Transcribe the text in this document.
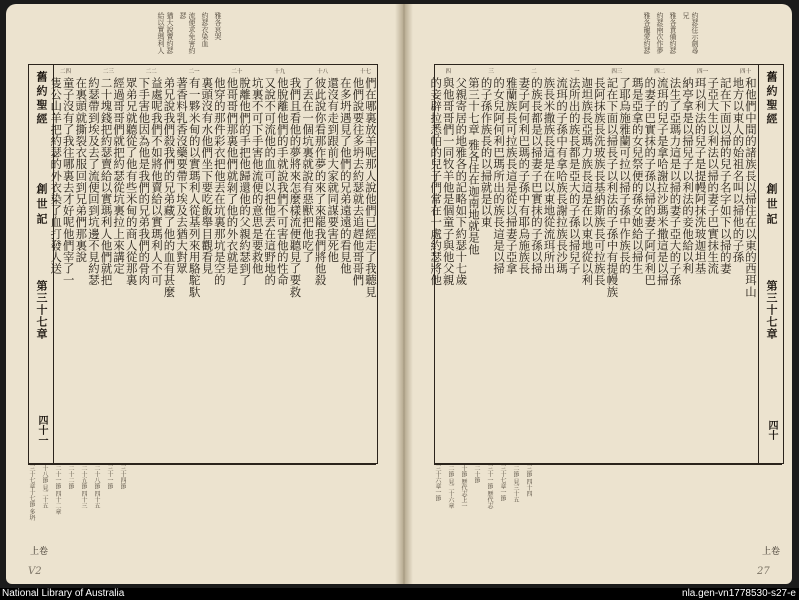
猶大說賣約瑟給以實瑪利人	流便求免害約瑟 約瑟衣染血 雅各哀哭
舊約聖經
創世記
第三十七章
四十一
十七
十八
十九
二十
二一
二二
二三
二四
們在哪裏放羊呢那人說他們已經走了我聽見
他們說要往多坍去約瑟就去追趕他哥哥們
在多坍遇見了他們的兄弟遠遠的看見他
還沒有走到跟前大家就同謀要害死他
彼此說你看那作夢的來了來罷我們將他殺
了丟在一個坑裏就說有惡獸把他吃了
我們且看他的夢將來怎麼樣流便聽見了要救
他脫離他們的手就說我們不可害他的性命
又說不可流他的血可以把他丟在這野地的
坑裏不可下手害他流便的意思是要救他
脫離他們的手把他歸還他的父親約瑟到了
他哥哥們那裏他們就剝了他的外衣就是
他穿的那件彩衣把他丟在坑裏那坑是空的
裏頭沒有水他們坐下要吃飯舉目觀看見
有一夥米甸的以實瑪利人從基列來用駱駝馱
著香料乳香沒藥要帶下埃及去猶大對眾
弟兄說我們殺我們的兄弟藏了他的血有甚麼
益處呢我們不如將他賣給以實瑪利人不可
下手害他因為他是我們的兄弟我們的骨肉
眾弟兄就聽從了他有些米甸的商人從那裏
經過哥哥們就把約瑟從坑裏拉上來講定
二十塊錢把約瑟賣給以實瑪利人他們就把
約瑟帶到埃及去了流便回到坑邊不見約瑟
在裏頭就撕裂衣服回到兄弟們那裏說
童子沒有了我往哪裏去才好呢他們宰了一
隻公山羊把約瑟的外衣染了血打發人送
三十七章十七節 多坍 十八節 見二十五 二十一節 四十二章 二十二節 二十五節 四十三 二十八節 四十五 三十一節 三十四節
上卷
V2
雅各寵愛約瑟 約瑟兩次作夢 雅各責備約瑟 約瑟往示劍尋兄
舊約聖經
創世記
第三十七章
四十
四十
四一
四二
四三
一
二
三
四
和他們中間的諸族長以掃住在以東的西珥山
地方以東人的始祖名叫以掃他的子孫
記在下面以掃的兒子名字如下以掃的妻
子亞大生以利法以掃的妻子巴實抹生流
珥以利法的兒子是提幔阿抹洗玻迦坦基
納亭拿是以掃兒子以利法的妾他給以利
法生了亞瑪力這是以掃的妻子亞大的子孫
流珥的兒子是拿哈謝拉沙瑪米撒這是以掃
的妻子巴實抹的子孫以掃的妻子阿何利巴
瑪是亞拿的女兒祭便的孫女她給以掃生
了耶烏施雅蘭可拉以掃子孫中作族長的
記在下面以掃長子以利法的子孫中有提幔族
長阿抹族長洗玻族長基納斯族長可拉族長
迦坦族長亞瑪力族長這是在以東地從以利
法所出的族長都是亞大的子孫以掃兒子
流珥的子孫中有拿哈族長謝拉族長沙瑪
族長米撒族長這是在以東地從流珥所出
的族長都是以掃妻子巴實抹的子孫以掃
妻子阿何利巴瑪的子孫中有耶烏施族長
雅蘭族長可拉族長這是從以掃妻子亞拿
的女兒阿何利巴瑪所出的族長這是以掃
的子孫作族長的以掃就是以東
第三十七章 雅各住在迦南地就是他
父親寄居的地雅各的記略如下約瑟十七歲
與他哥哥們一同牧羊他是個童子與他父親
的妾辟拉悉帕的兒子們常在一處約瑟將他
三十六章一節 二節 見二十六章 十節 歷代志上一 二十節 三十一節 歷代志 三十七章一節 二節 見三十五 三節 四十四
上卷
27
National Library of Australia	nla.gen-vn1778530-s27-e
